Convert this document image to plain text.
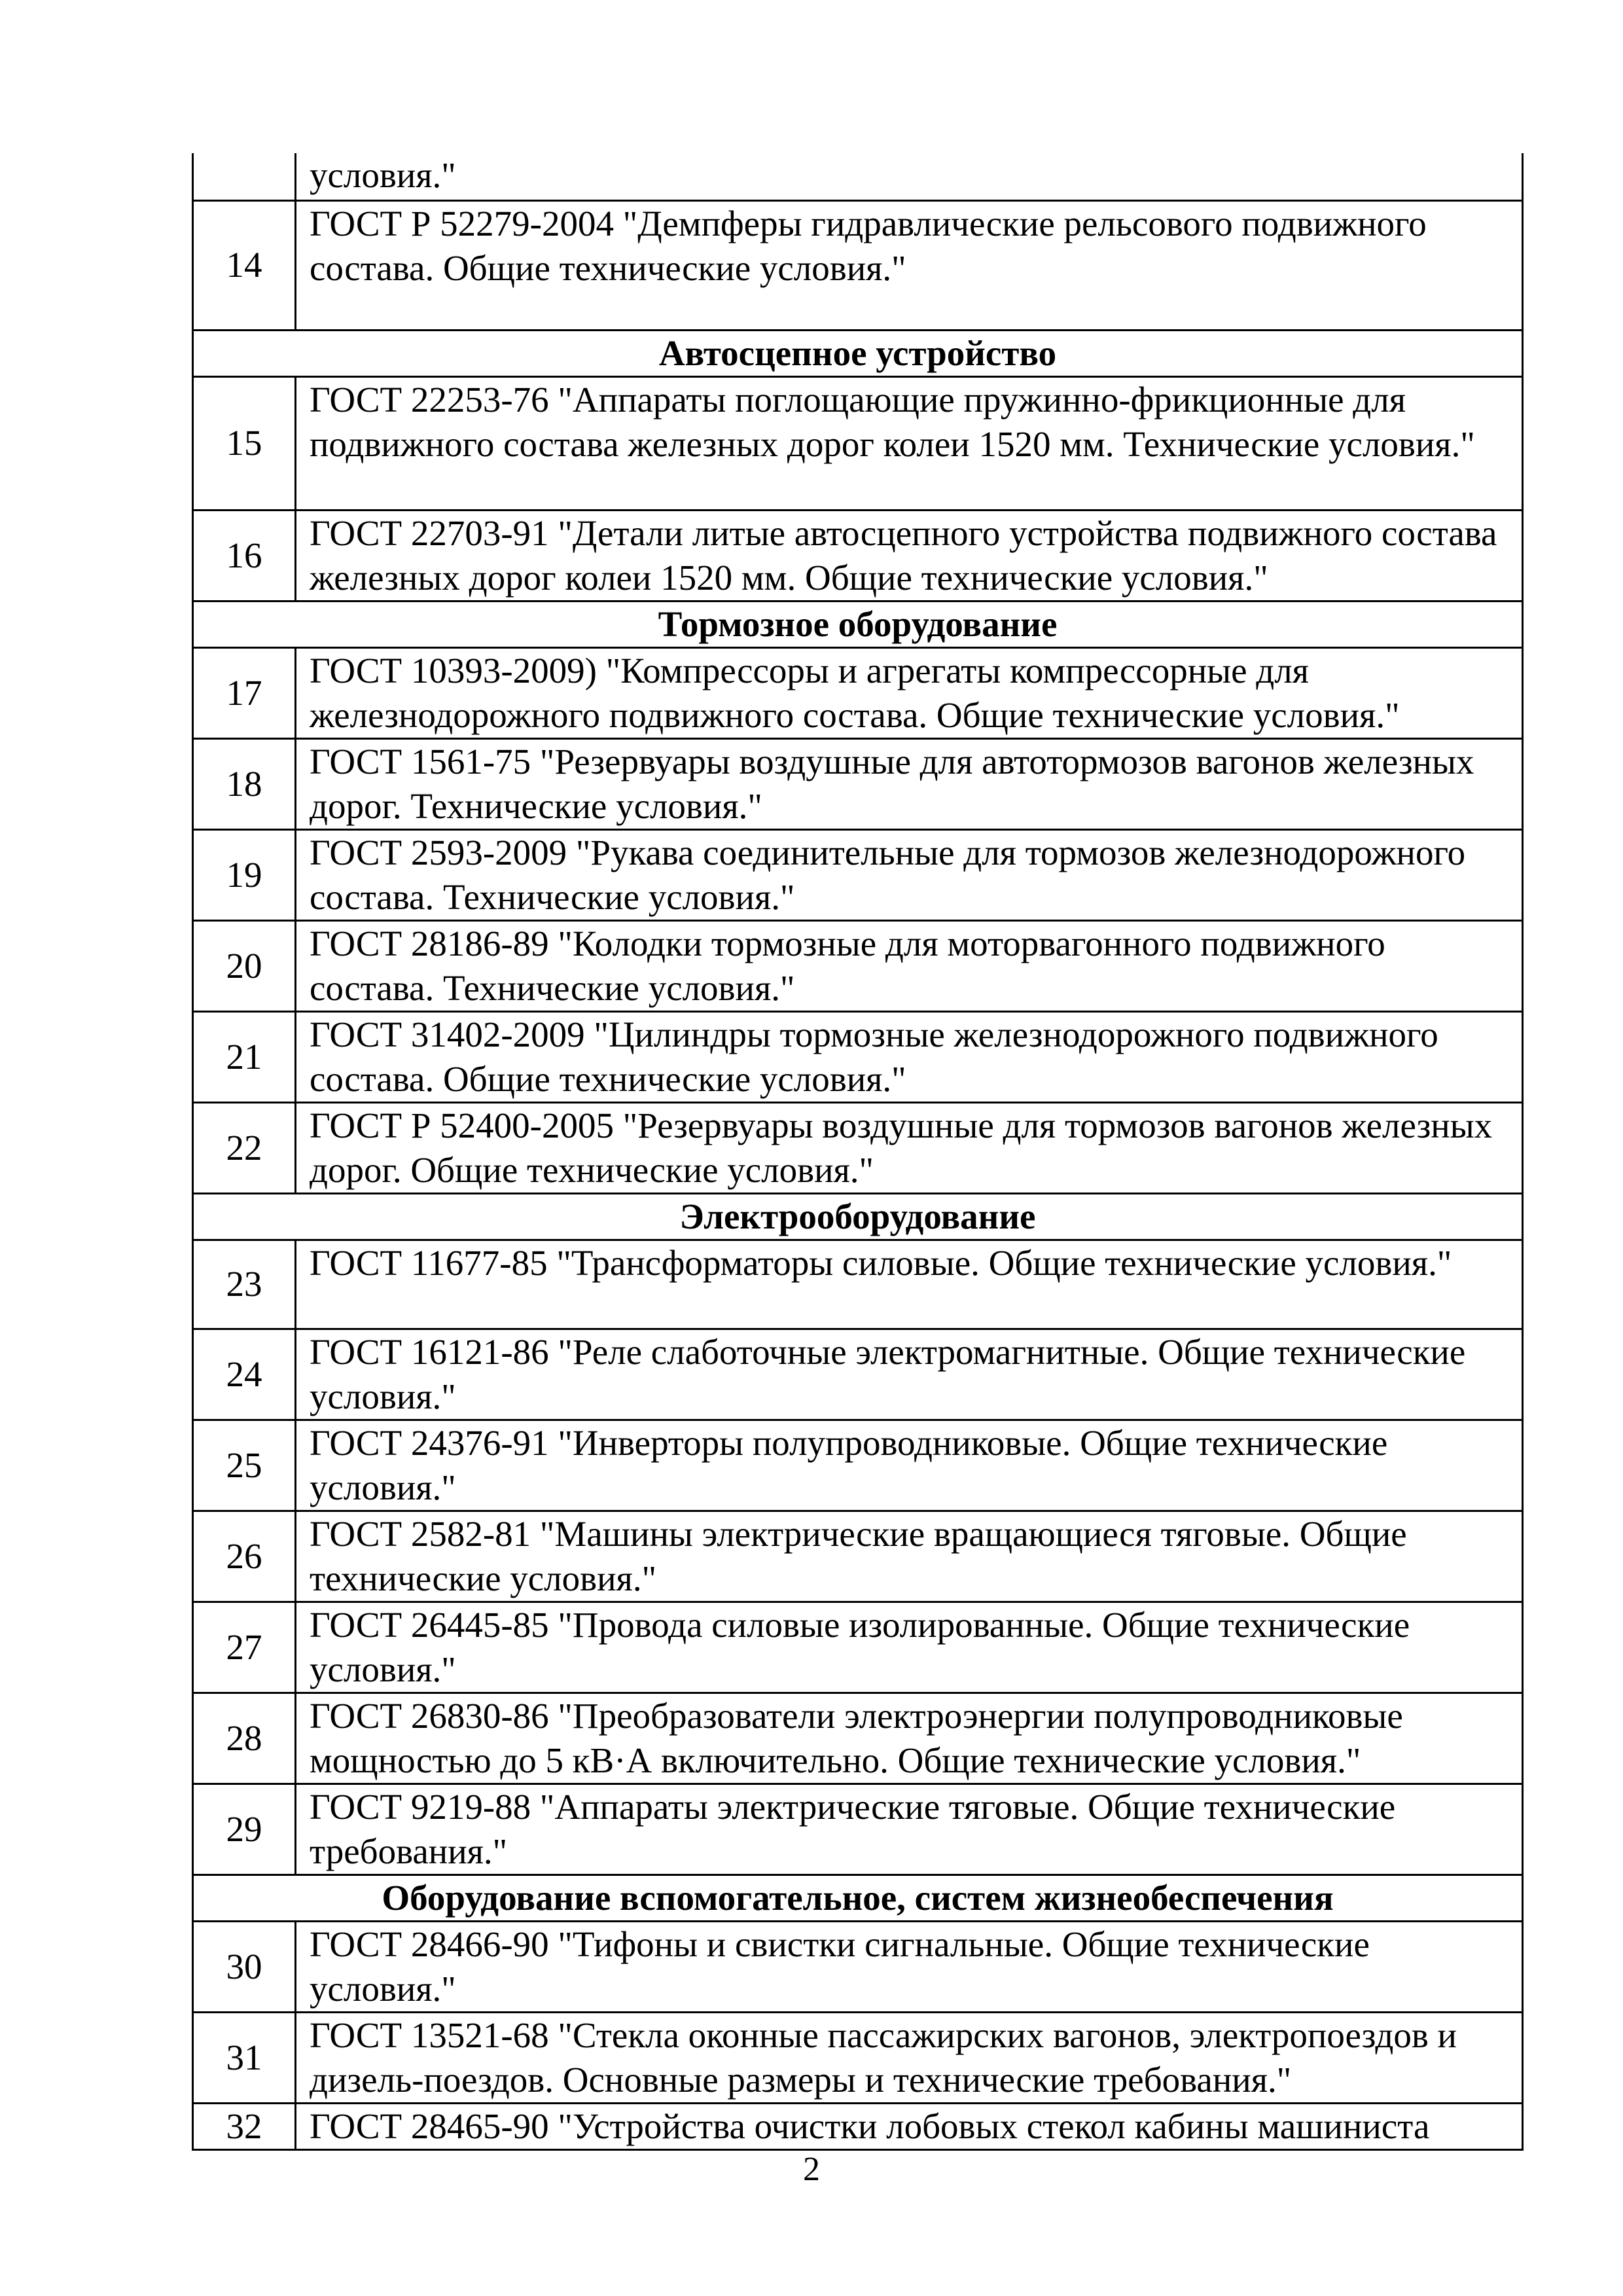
	условия."
14	ГОСТ Р 52279-2004 "Демпферы гидравлические рельсового подвижного состава. Общие технические условия."
Автосцепное устройство	
15	ГОСТ 22253-76 "Аппараты поглощающие пружинно-фрикционные для подвижного состава железных дорог колеи 1520 мм. Технические условия."
16	ГОСТ 22703-91 "Детали литые автосцепного устройства подвижного состава железных дорог колеи 1520 мм. Общие технические условия."
Тормозное оборудование	
17	ГОСТ 10393-2009) "Компрессоры и агрегаты компрессорные для железнодорожного подвижного состава. Общие технические условия."
18	ГОСТ 1561-75 "Резервуары воздушные для автотормозов вагонов железных дорог. Технические условия."
19	ГОСТ 2593-2009 "Рукава соединительные для тормозов железнодорожного состава. Технические условия."
20	ГОСТ 28186-89 "Колодки тормозные для моторвагонного подвижного состава. Технические условия."
21	ГОСТ 31402-2009 "Цилиндры тормозные железнодорожного подвижного состава. Общие технические условия."
22	ГОСТ Р 52400-2005 "Резервуары воздушные для тормозов вагонов железных дорог. Общие технические условия."
Электрооборудование	
23	ГОСТ 11677-85 "Трансформаторы силовые. Общие технические условия."
24	ГОСТ 16121-86 "Реле слаботочные электромагнитные. Общие технические условия."
25	ГОСТ 24376-91 "Инверторы полупроводниковые. Общие технические условия."
26	ГОСТ 2582-81 "Машины электрические вращающиеся тяговые. Общие технические условия."
27	ГОСТ 26445-85 "Провода силовые изолированные. Общие технические условия."
28	ГОСТ 26830-86 "Преобразователи электроэнергии полупроводниковые мощностью до 5 кВ·А включительно. Общие технические условия."
29	ГОСТ 9219-88 "Аппараты электрические тяговые. Общие технические требования."
Оборудование вспомогательное, систем жизнеобеспечения	
30	ГОСТ 28466-90 "Тифоны и свистки сигнальные. Общие технические условия."
31	ГОСТ 13521-68 "Стекла оконные пассажирских вагонов, электропоездов и дизель-поездов. Основные размеры и технические требования."
32	ГОСТ 28465-90 "Устройства очистки лобовых стекол кабины машиниста
2
